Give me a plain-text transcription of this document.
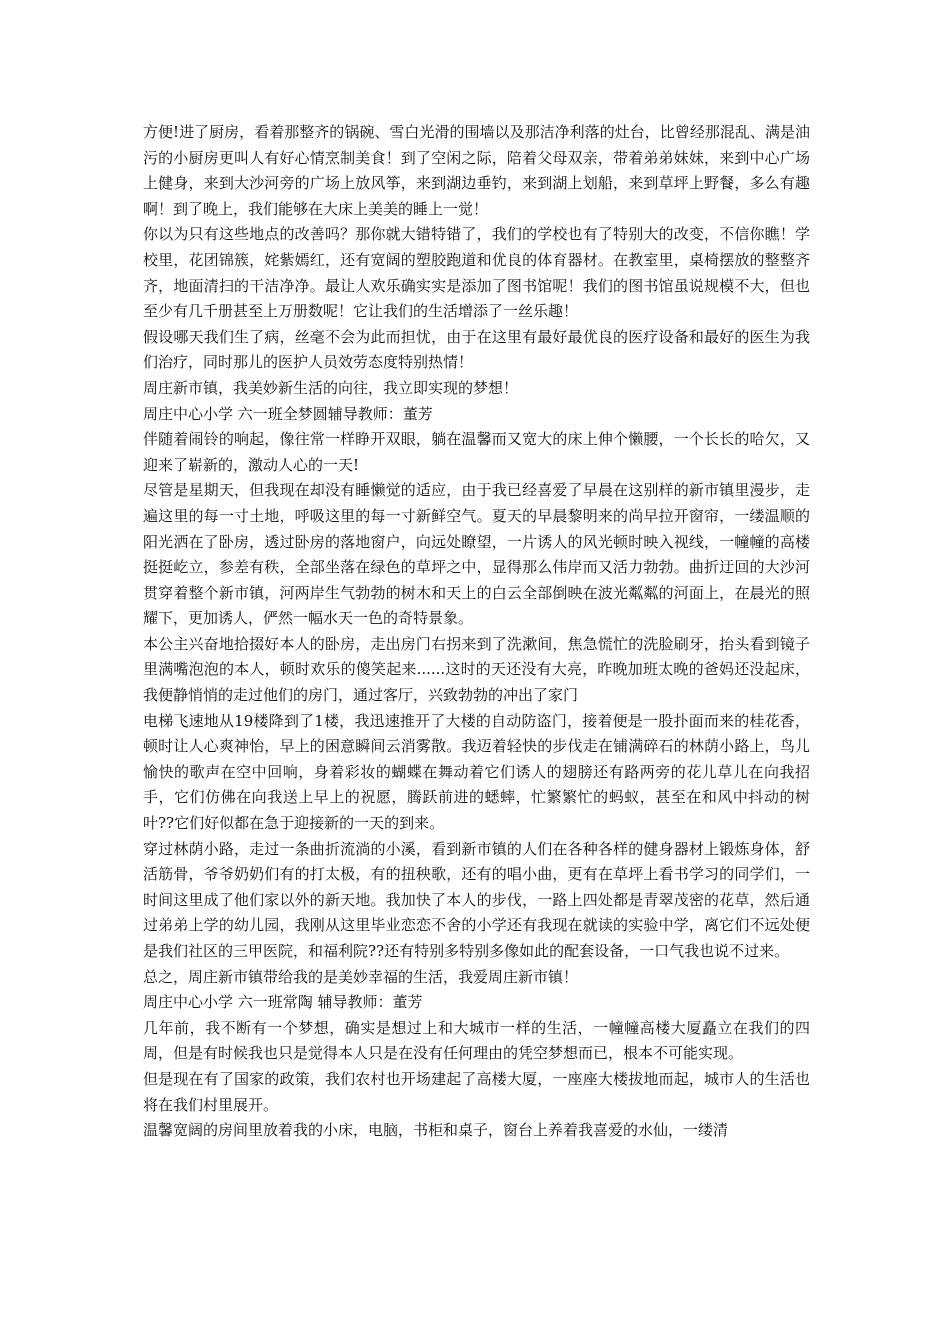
方便!进了厨房，看着那整齐的锅碗、雪白光滑的围墙以及那洁净利落的灶台，比曾经那混乱、满是油污的小厨房更叫人有好心情烹制美食！到了空闲之际，陪着父母双亲，带着弟弟妹妹，来到中心广场上健身，来到大沙河旁的广场上放风筝，来到湖边垂钓，来到湖上划船，来到草坪上野餐，多么有趣啊！到了晚上，我们能够在大床上美美的睡上一觉！

你以为只有这些地点的改善吗？那你就大错特错了，我们的学校也有了特别大的改变，不信你瞧！学校里，花团锦簇，姹紫嫣红，还有宽阔的塑胶跑道和优良的体育器材。在教室里，桌椅摆放的整整齐齐，地面清扫的干洁净净。最让人欢乐确实实是添加了图书馆呢！我们的图书馆虽说规模不大，但也至少有几千册甚至上万册数呢！它让我们的生活增添了一丝乐趣！

假设哪天我们生了病，丝毫不会为此而担忧，由于在这里有最好最优良的医疗设备和最好的医生为我们治疗，同时那儿的医护人员效劳态度特别热情！

周庄新市镇，我美妙新生活的向往，我立即实现的梦想！

周庄中心小学 六一班全梦圆辅导教师：董芳

伴随着闹铃的响起，像往常一样睁开双眼，躺在温馨而又宽大的床上伸个懒腰，一个长长的哈欠，又迎来了崭新的，激动人心的一天!

尽管是星期天，但我现在却没有睡懒觉的适应，由于我已经喜爱了早晨在这别样的新市镇里漫步，走遍这里的每一寸土地，呼吸这里的每一寸新鲜空气。夏天的早晨黎明来的尚早拉开窗帘，一缕温顺的阳光洒在了卧房，透过卧房的落地窗户，向远处瞭望，一片诱人的风光顿时映入视线，一幢幢的高楼挺挺屹立，参差有秩，全部坐落在绿色的草坪之中，显得那么伟岸而又活力勃勃。曲折迂回的大沙河贯穿着整个新市镇，河两岸生气勃勃的树木和天上的白云全部倒映在波光粼粼的河面上，在晨光的照耀下，更加诱人，俨然一幅水天一色的奇特景象。

本公主兴奋地拾掇好本人的卧房，走出房门右拐来到了洗漱间，焦急慌忙的洗脸刷牙，抬头看到镜子里满嘴泡泡的本人，顿时欢乐的傻笑起来......这时的天还没有大亮，昨晚加班太晚的爸妈还没起床，我便静悄悄的走过他们的房门，通过客厅，兴致勃勃的冲出了家门

电梯飞速地从19楼降到了1楼，我迅速推开了大楼的自动防盗门，接着便是一股扑面而来的桂花香，顿时让人心爽神怡，早上的困意瞬间云消雾散。我迈着轻快的步伐走在铺满碎石的林荫小路上，鸟儿愉快的歌声在空中回响，身着彩妆的蝴蝶在舞动着它们诱人的翅膀还有路两旁的花儿草儿在向我招手，它们仿佛在向我送上早上的祝愿，腾跃前进的蟋蟀，忙繁繁忙的蚂蚁，甚至在和风中抖动的树叶??它们好似都在急于迎接新的一天的到来。

穿过林荫小路，走过一条曲折流淌的小溪，看到新市镇的人们在各种各样的健身器材上锻炼身体，舒活筋骨，爷爷奶奶们有的打太极，有的扭秧歌，还有的唱小曲，更有在草坪上看书学习的同学们，一时间这里成了他们家以外的新天地。我加快了本人的步伐，一路上四处都是青翠茂密的花草，然后通过弟弟上学的幼儿园，我刚从这里毕业恋恋不舍的小学还有我现在就读的实验中学，离它们不远处便是我们社区的三甲医院，和福利院??还有特别多特别多像如此的配套设备，一口气我也说不过来。

总之，周庄新市镇带给我的是美妙幸福的生活，我爱周庄新市镇！

周庄中心小学 六一班常陶 辅导教师：董芳

几年前，我不断有一个梦想，确实是想过上和大城市一样的生活，一幢幢高楼大厦矗立在我们的四周，但是有时候我也只是觉得本人只是在没有任何理由的凭空梦想而已，根本不可能实现。

但是现在有了国家的政策，我们农村也开场建起了高楼大厦，一座座大楼拔地而起，城市人的生活也将在我们村里展开。

温馨宽阔的房间里放着我的小床，电脑，书柜和桌子，窗台上养着我喜爱的水仙，一缕清
